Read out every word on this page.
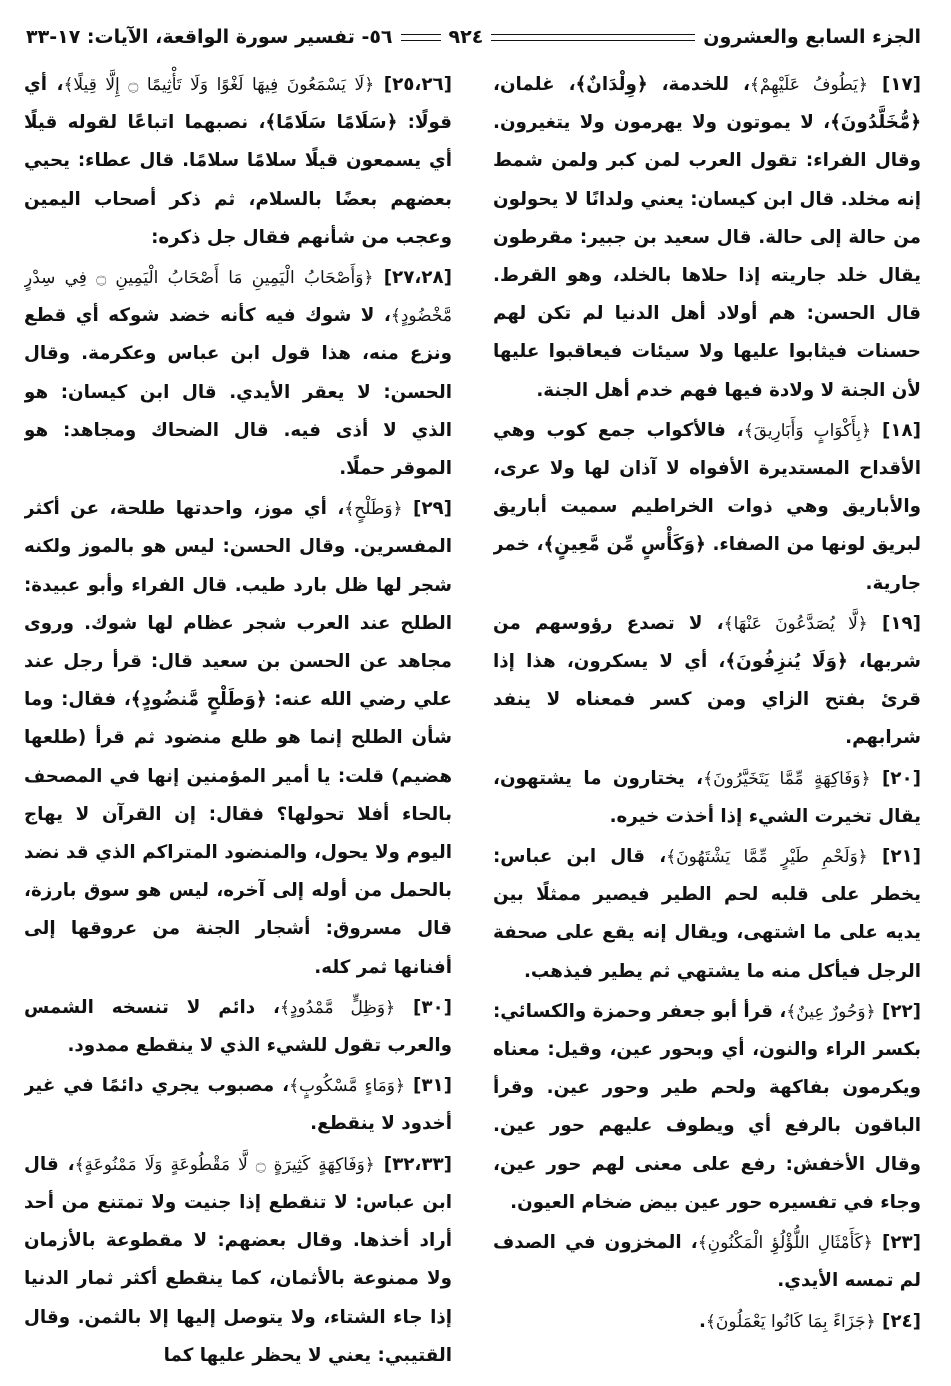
الجزء السابع والعشرون
٩٢٤
٥٦- تفسير سورة الواقعة، الآيات: ١٧-٣٣

[١٧] ﴿يَطُوفُ عَلَيْهِمْ﴾، للخدمة، ﴿وِلْدَانٌ﴾، غلمان، ﴿مُّخَلَّدُونَ﴾، لا يموتون ولا يهرمون ولا يتغيرون. وقال الفراء: تقول العرب لمن كبر ولمن شمط إنه مخلد. قال ابن كيسان: يعني ولدانًا لا يحولون من حالة إلى حالة. قال سعيد بن جبير: مقرطون يقال خلد جاريته إذا حلاها بالخلد، وهو القرط. قال الحسن: هم أولاد أهل الدنيا لم تكن لهم حسنات فيثابوا عليها ولا سيئات فيعاقبوا عليها لأن الجنة لا ولادة فيها فهم خدم أهل الجنة.

[١٨] ﴿بِأَكْوَابٍ وَأَبَارِيقَ﴾، فالأكواب جمع كوب وهي الأقداح المستديرة الأفواه لا آذان لها ولا عرى، والأباريق وهي ذوات الخراطيم سميت أباريق لبريق لونها من الصفاء. ﴿وَكَأْسٍ مِّن مَّعِينٍ﴾، خمر جارية.

[١٩] ﴿لَّا يُصَدَّعُونَ عَنْهَا﴾، لا تصدع رؤوسهم من شربها، ﴿وَلَا يُنزِفُونَ﴾، أي لا يسكرون، هذا إذا قرئ بفتح الزاي ومن كسر فمعناه لا ينفد شرابهم.

[٢٠] ﴿وَفَاكِهَةٍ مِّمَّا يَتَخَيَّرُونَ﴾، يختارون ما يشتهون، يقال تخيرت الشيء إذا أخذت خيره.

[٢١] ﴿وَلَحْمِ طَيْرٍ مِّمَّا يَشْتَهُونَ﴾، قال ابن عباس: يخطر على قلبه لحم الطير فيصير ممثلًا بين يديه على ما اشتهى، ويقال إنه يقع على صحفة الرجل فيأكل منه ما يشتهي ثم يطير فيذهب.

[٢٢] ﴿وَحُورٌ عِينٌ﴾، قرأ أبو جعفر وحمزة والكسائي: بكسر الراء والنون، أي وبحور عين، وقيل: معناه ويكرمون بفاكهة ولحم طير وحور عين. وقرأ الباقون بالرفع أي ويطوف عليهم حور عين. وقال الأخفش: رفع على معنى لهم حور عين، وجاء في تفسيره حور عين بيض ضخام العيون.

[٢٣] ﴿كَأَمْثَالِ اللُّؤْلُؤِ الْمَكْنُونِ﴾، المخزون في الصدف لم تمسه الأيدي.

[٢٤] ﴿جَزَاءً بِمَا كَانُوا يَعْمَلُونَ﴾.

[٢٥،٢٦] ﴿لَا يَسْمَعُونَ فِيهَا لَغْوًا وَلَا تَأْثِيمًا ۝ إِلَّا قِيلًا﴾، أي قولًا: ﴿سَلَامًا سَلَامًا﴾، نصبهما اتباعًا لقوله قيلًا أي يسمعون قيلًا سلامًا سلامًا. قال عطاء: يحيي بعضهم بعضًا بالسلام، ثم ذكر أصحاب اليمين وعجب من شأنهم فقال جل ذكره:

[٢٧،٢٨] ﴿وَأَصْحَابُ الْيَمِينِ مَا أَصْحَابُ الْيَمِينِ ۝ فِي سِدْرٍ مَّخْضُودٍ﴾، لا شوك فيه كأنه خضد شوكه أي قطع ونزع منه، هذا قول ابن عباس وعكرمة. وقال الحسن: لا يعقر الأيدي. قال ابن كيسان: هو الذي لا أذى فيه. قال الضحاك ومجاهد: هو الموقر حملًا.

[٢٩] ﴿وَطَلْحٍ﴾، أي موز، واحدتها طلحة، عن أكثر المفسرين. وقال الحسن: ليس هو بالموز ولكنه شجر لها ظل بارد طيب. قال الفراء وأبو عبيدة: الطلح عند العرب شجر عظام لها شوك. وروى مجاهد عن الحسن بن سعيد قال: قرأ رجل عند علي رضي الله عنه: ﴿وَطَلْحٍ مَّنضُودٍ﴾، فقال: وما شأن الطلح إنما هو طلع منضود ثم قرأ (طلعها هضيم) قلت: يا أمير المؤمنين إنها في المصحف بالحاء أفلا تحولها؟ فقال: إن القرآن لا يهاج اليوم ولا يحول، والمنضود المتراكم الذي قد نضد بالحمل من أوله إلى آخره، ليس هو سوق بارزة، قال مسروق: أشجار الجنة من عروقها إلى أفنانها ثمر كله.

[٣٠] ﴿وَظِلٍّ مَّمْدُودٍ﴾، دائم لا تنسخه الشمس والعرب تقول للشيء الذي لا ينقطع ممدود.

[٣١] ﴿وَمَاءٍ مَّسْكُوبٍ﴾، مصبوب يجري دائمًا في غير أخدود لا ينقطع.

[٣٢،٣٣] ﴿وَفَاكِهَةٍ كَثِيرَةٍ ۝ لَّا مَقْطُوعَةٍ وَلَا مَمْنُوعَةٍ﴾، قال ابن عباس: لا تنقطع إذا جنيت ولا تمتنع من أحد أراد أخذها. وقال بعضهم: لا مقطوعة بالأزمان ولا ممنوعة بالأثمان، كما ينقطع أكثر ثمار الدنيا إذا جاء الشتاء، ولا يتوصل إليها إلا بالثمن. وقال القتيبي: يعني لا يحظر عليها كما
